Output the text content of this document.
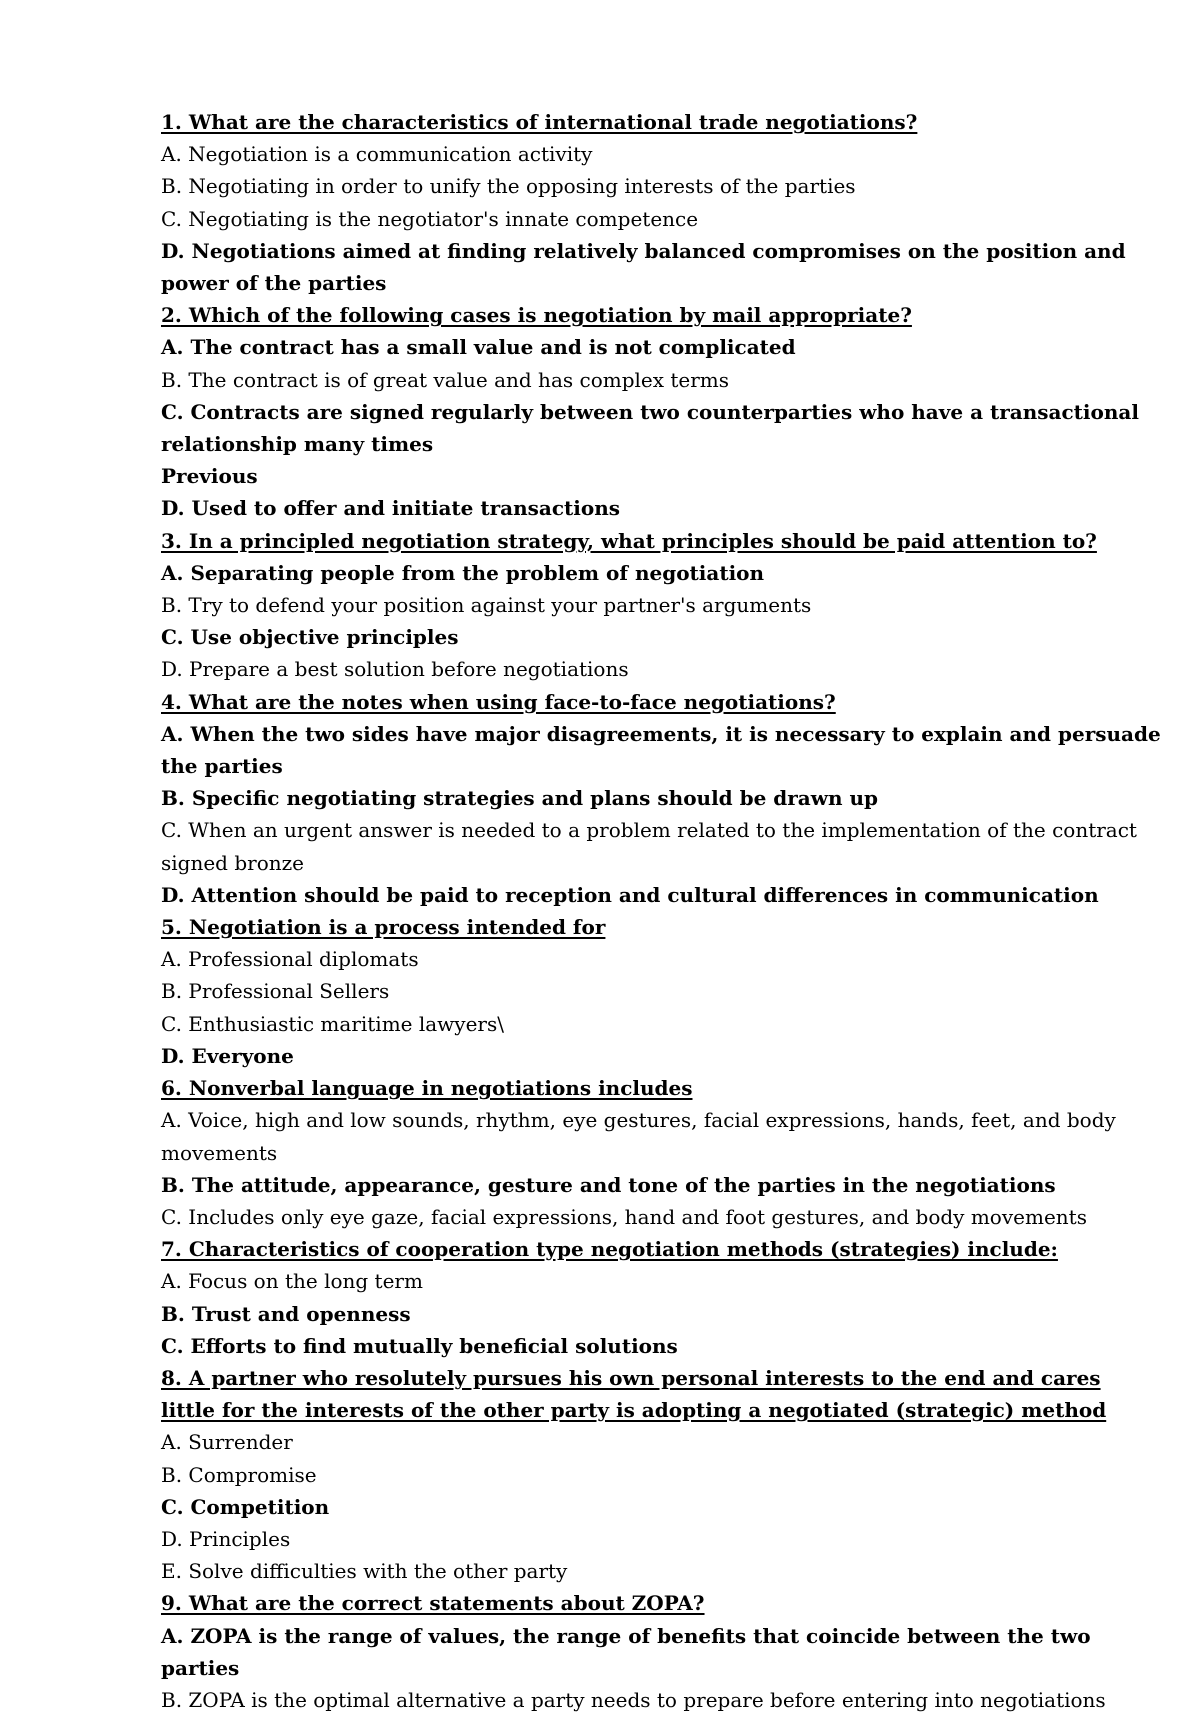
1. What are the characteristics of international trade negotiations?
A. Negotiation is a communication activity
B. Negotiating in order to unify the opposing interests of the parties
C. Negotiating is the negotiator's innate competence
D. Negotiations aimed at finding relatively balanced compromises on the position and power of the parties
2. Which of the following cases is negotiation by mail appropriate?
A. The contract has a small value and is not complicated
B. The contract is of great value and has complex terms
C. Contracts are signed regularly between two counterparties who have a transactional relationship many times
Previous
D. Used to offer and initiate transactions
3. In a principled negotiation strategy, what principles should be paid attention to?
A. Separating people from the problem of negotiation
B. Try to defend your position against your partner's arguments
C. Use objective principles
D. Prepare a best solution before negotiations
4. What are the notes when using face-to-face negotiations?
A. When the two sides have major disagreements, it is necessary to explain and persuade the parties
B. Specific negotiating strategies and plans should be drawn up
C. When an urgent answer is needed to a problem related to the implementation of the contract signed bronze
D. Attention should be paid to reception and cultural differences in communication
5. Negotiation is a process intended for
A. Professional diplomats
B. Professional Sellers
C. Enthusiastic maritime lawyers\
D. Everyone
6. Nonverbal language in negotiations includes
A. Voice, high and low sounds, rhythm, eye gestures, facial expressions, hands, feet, and body movements
B. The attitude, appearance, gesture and tone of the parties in the negotiations
C. Includes only eye gaze, facial expressions, hand and foot gestures, and body movements
7. Characteristics of cooperation type negotiation methods (strategies) include:
A. Focus on the long term
B. Trust and openness
C. Efforts to find mutually beneficial solutions
8. A partner who resolutely pursues his own personal interests to the end and cares little for the interests of the other party is adopting a negotiated (strategic) method
A. Surrender
B. Compromise
C. Competition
D. Principles
E. Solve difficulties with the other party
9. What are the correct statements about ZOPA?
A. ZOPA is the range of values, the range of benefits that coincide between the two parties
B. ZOPA is the optimal alternative a party needs to prepare before entering into negotiations
